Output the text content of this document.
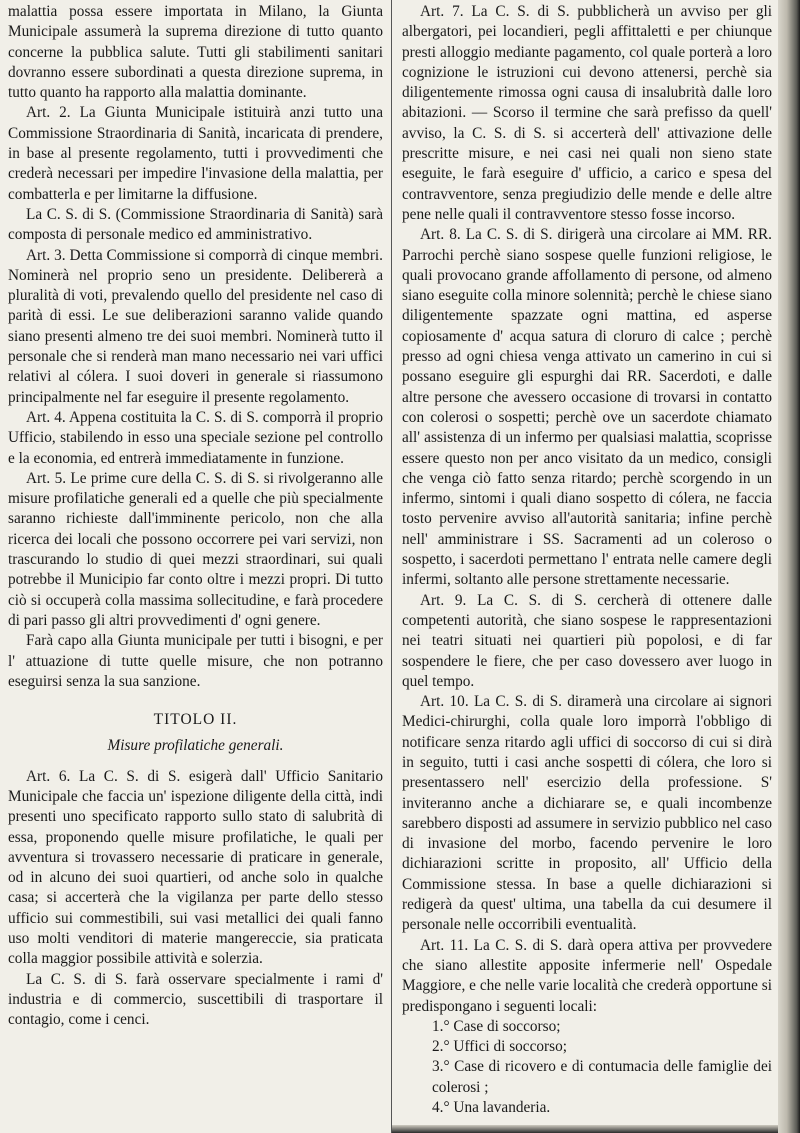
malattia possa essere importata in Milano, la Giunta Municipale assumerà la suprema direzione di tutto quanto concerne la pubblica salute. Tutti gli stabilimenti sanitari dovranno essere subordinati a questa direzione suprema, in tutto quanto ha rapporto alla malattia dominante.

Art. 2. La Giunta Municipale istituirà anzi tutto una Commissione Straordinaria di Sanità, incaricata di prendere, in base al presente regolamento, tutti i provvedimenti che crederà necessari per impedire l'invasione della malattia, per combatterla e per limitarne la diffusione.

La C. S. di S. (Commissione Straordinaria di Sanità) sarà composta di personale medico ed amministrativo.

Art. 3. Detta Commissione si comporrà di cinque membri. Nominerà nel proprio seno un presidente. Delibererà a pluralità di voti, prevalendo quello del presidente nel caso di parità di essi. Le sue deliberazioni saranno valide quando siano presenti almeno tre dei suoi membri. Nominerà tutto il personale che si renderà man mano necessario nei vari uffici relativi al cólera. I suoi doveri in generale si riassumono principalmente nel far eseguire il presente regolamento.

Art. 4. Appena costituita la C. S. di S. comporrà il proprio Ufficio, stabilendo in esso una speciale sezione pel controllo e la economia, ed entrerà immediatamente in funzione.

Art. 5. Le prime cure della C. S. di S. si rivolgeranno alle misure profilatiche generali ed a quelle che più specialmente saranno richieste dall'imminente pericolo, non che alla ricerca dei locali che possono occorrere pei vari servizi, non trascurando lo studio di quei mezzi straordinari, sui quali potrebbe il Municipio far conto oltre i mezzi propri. Di tutto ciò si occuperà colla massima sollecitudine, e farà procedere di pari passo gli altri provvedimenti d' ogni genere.

Farà capo alla Giunta municipale per tutti i bisogni, e per l' attuazione di tutte quelle misure, che non potranno eseguirsi senza la sua sanzione.

TITOLO II.
Misure profilatiche generali.

Art. 6. La C. S. di S. esigerà dall' Ufficio Sanitario Municipale che faccia un' ispezione diligente della città, indi presenti uno specificato rapporto sullo stato di salubrità di essa, proponendo quelle misure profilatiche, le quali per avventura si trovassero necessarie di praticare in generale, od in alcuno dei suoi quartieri, od anche solo in qualche casa; si accerterà che la vigilanza per parte dello stesso ufficio sui commestibili, sui vasi metallici dei quali fanno uso molti venditori di materie mangereccie, sia praticata colla maggior possibile attività e solerzia.

La C. S. di S. farà osservare specialmente i rami d' industria e di commercio, suscettibili di trasportare il contagio, come i cenci.

Art. 7. La C. S. di S. pubblicherà un avviso per gli albergatori, pei locandieri, pegli affittaletti e per chiunque presti alloggio mediante pagamento, col quale porterà a loro cognizione le istruzioni cui devono attenersi, perchè sia diligentemente rimossa ogni causa di insalubrità dalle loro abitazioni. — Scorso il termine che sarà prefisso da quell' avviso, la C. S. di S. si accerterà dell' attivazione delle prescritte misure, e nei casi nei quali non sieno state eseguite, le farà eseguire d' ufficio, a carico e spesa del contravventore, senza pregiudizio delle mende e delle altre pene nelle quali il contravventore stesso fosse incorso.

Art. 8. La C. S. di S. dirigerà una circolare ai MM. RR. Parrochi perchè siano sospese quelle funzioni religiose, le quali provocano grande affollamento di persone, od almeno siano eseguite colla minore solennità; perchè le chiese siano diligentemente spazzate ogni mattina, ed asperse copiosamente d' acqua satura di cloruro di calce ; perchè presso ad ogni chiesa venga attivato un camerino in cui si possano eseguire gli espurghi dai RR. Sacerdoti, e dalle altre persone che avessero occasione di trovarsi in contatto con colerosi o sospetti; perchè ove un sacerdote chiamato all' assistenza di un infermo per qualsiasi malattia, scoprisse essere questo non per anco visitato da un medico, consigli che venga ciò fatto senza ritardo; perchè scorgendo in un infermo, sintomi i quali diano sospetto di cólera, ne faccia tosto pervenire avviso all'autorità sanitaria; infine perchè nell' amministrare i SS. Sacramenti ad un coleroso o sospetto, i sacerdoti permettano l' entrata nelle camere degli infermi, soltanto alle persone strettamente necessarie.

Art. 9. La C. S. di S. cercherà di ottenere dalle competenti autorità, che siano sospese le rappresentazioni nei teatri situati nei quartieri più popolosi, e di far sospendere le fiere, che per caso dovessero aver luogo in quel tempo.

Art. 10. La C. S. di S. diramerà una circolare ai signori Medici-chirurghi, colla quale loro imporrà l'obbligo di notificare senza ritardo agli uffici di soccorso di cui si dirà in seguito, tutti i casi anche sospetti di cólera, che loro si presentassero nell' esercizio della professione. S' inviteranno anche a dichiarare se, e quali incombenze sarebbero disposti ad assumere in servizio pubblico nel caso di invasione del morbo, facendo pervenire le loro dichiarazioni scritte in proposito, all' Ufficio della Commissione stessa. In base a quelle dichiarazioni si redigerà da quest' ultima, una tabella da cui desumere il personale nelle occorribili eventualità.

Art. 11. La C. S. di S. darà opera attiva per provvedere che siano allestite apposite infermerie nell' Ospedale Maggiore, e che nelle varie località che crederà opportune si predispongano i seguenti locali:

1.° Case di soccorso;
2.° Uffici di soccorso;
3.° Case di ricovero e di contumacia delle famiglie dei colerosi ;
4.° Una lavanderia.
